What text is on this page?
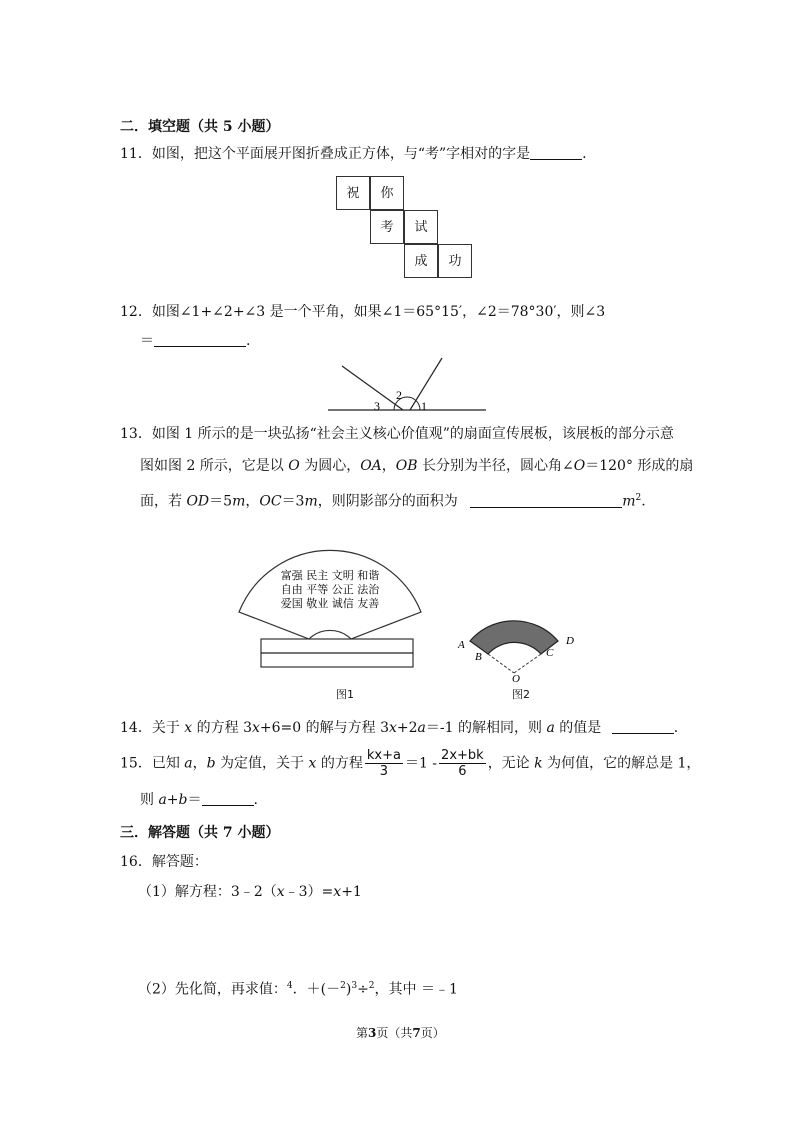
二．填空题（共 5 小题）
11．如图，把这个平面展开图折叠成正方体，与“考”字相对的字是	.
祝	你
考	试
成	功
12．如图∠1+∠2+∠3 是一个平角，如果∠1＝65°15′，∠2＝78°30′，则∠3
＝	.
3
2
1
13．如图 1 所示的是一块弘扬“社会主义核心价值观”的扇面宣传展板，该展板的部分示意
图如图 2 所示，它是以 O 为圆心，OA，OB 长分别为半径，圆心角∠O＝120° 形成的扇
面，若 OD＝5m，OC＝3m，则阴影部分的面积为	$m^2$.
富强 民主 文明 和谐
自由 平等 公正 法治
爱国 敬业 诚信 友善
图1
A
B	C
D
O
图2
14．关于 x 的方程 3x+6=0 的解与方程 3x+2a＝-1 的解相同，则 a 的值是	.
15．已知 a，b 为定值，关于 x 的方程 $\frac{kx+a}{3} =1 - \frac{2x+bk}{6}$ ，无论 k 为何值，它的解总是 1，
则 a+b＝	.
三．解答题（共 7 小题）
16．解答题：
（1）解方程：3﹣2（x﹣3）=x+1
（2）先化简，再求值：$^4$．$+(-^2)^3\div^2$，其中 ＝﹣1
第3页（共7页）
